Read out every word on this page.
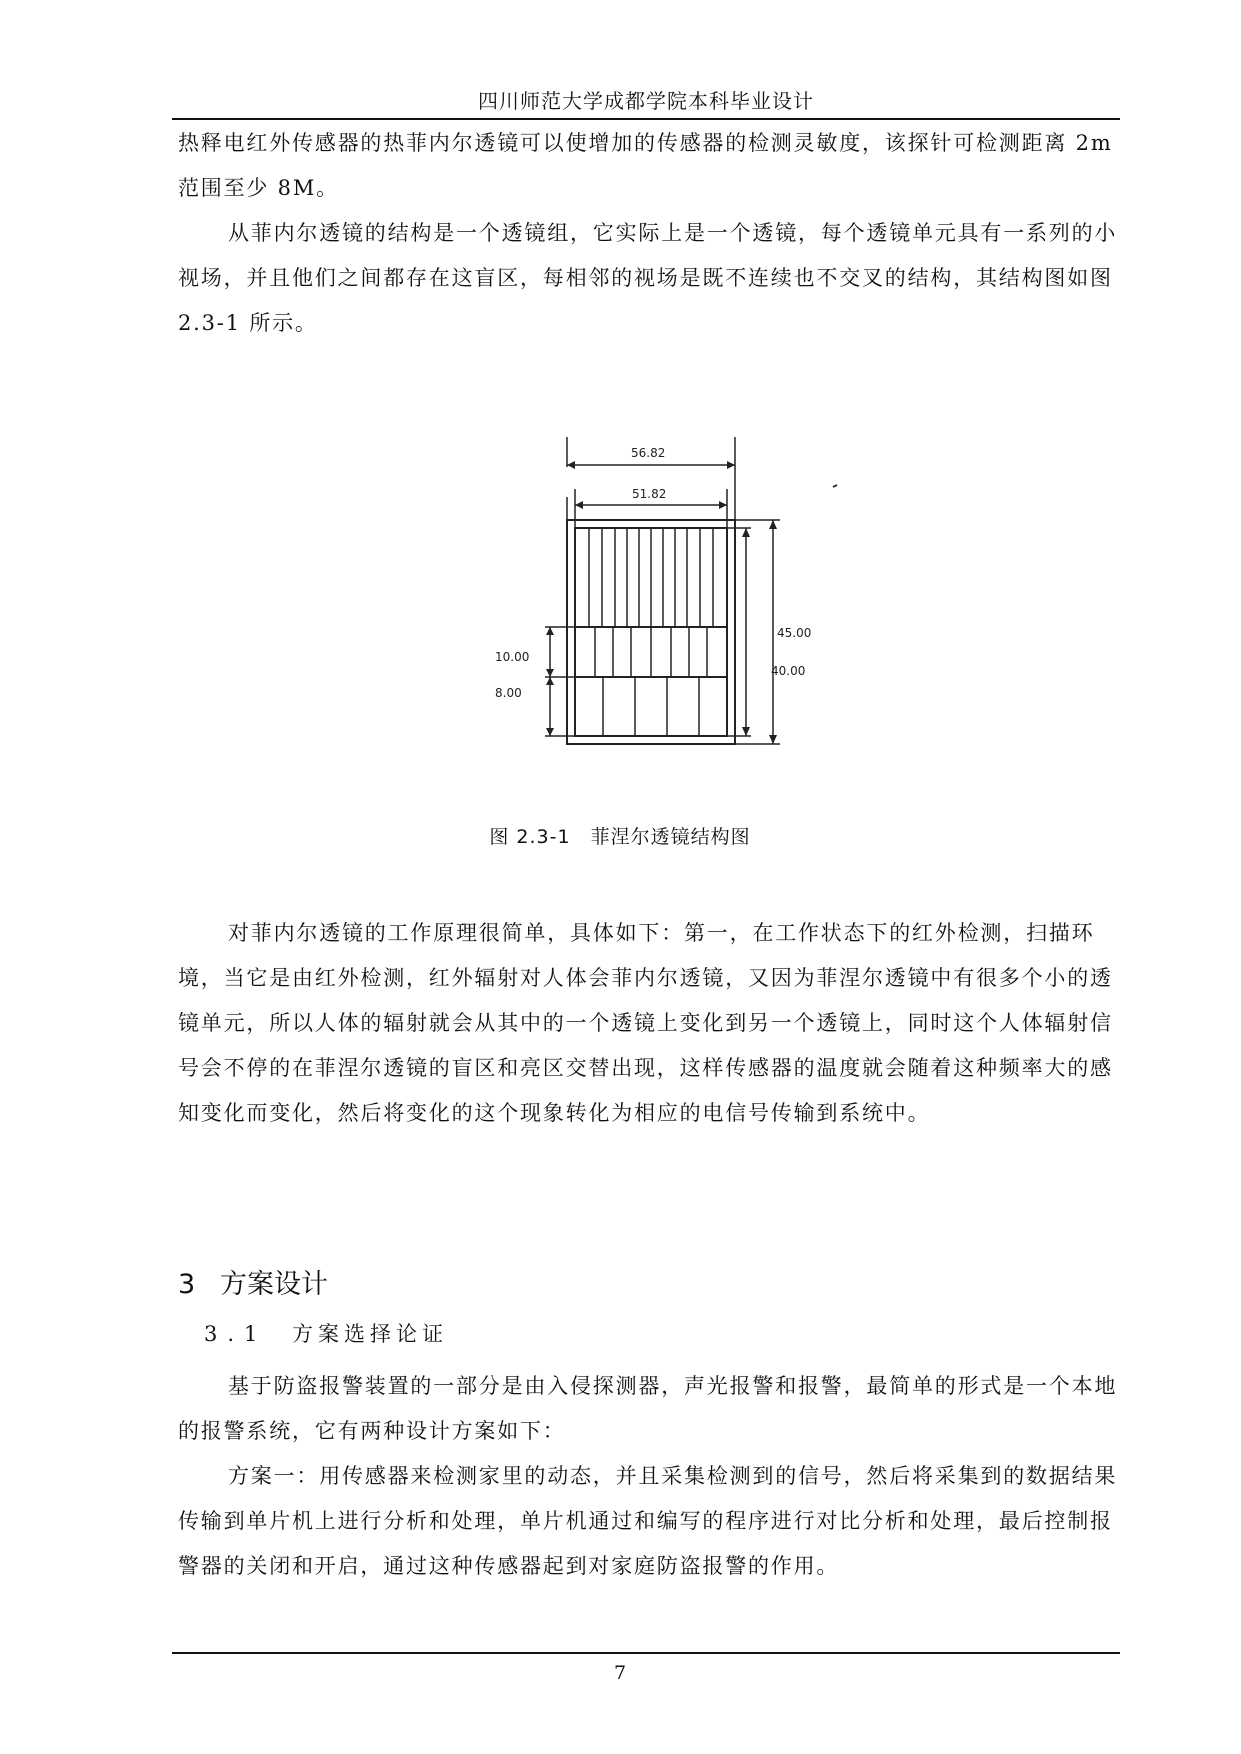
四川师范大学成都学院本科毕业设计

热释电红外传感器的热菲内尔透镜可以使增加的传感器的检测灵敏度，该探针可检测距离 2m 范围至少 8M。

从菲内尔透镜的结构是一个透镜组，它实际上是一个透镜，每个透镜单元具有一系列的小视场，并且他们之间都存在这盲区，每相邻的视场是既不连续也不交叉的结构，其结构图如图 2.3-1 所示。

56.82
51.82
45.00
40.00
10.00
8.00
图 2.3-1　菲涅尔透镜结构图

对菲内尔透镜的工作原理很简单，具体如下：第一，在工作状态下的红外检测，扫描环境，当它是由红外检测，红外辐射对人体会菲内尔透镜，又因为菲涅尔透镜中有很多个小的透镜单元，所以人体的辐射就会从其中的一个透镜上变化到另一个透镜上，同时这个人体辐射信号会不停的在菲涅尔透镜的盲区和亮区交替出现，这样传感器的温度就会随着这种频率大的感知变化而变化，然后将变化的这个现象转化为相应的电信号传输到系统中。

3 方案设计
3.1 方案选择论证

基于防盗报警装置的一部分是由入侵探测器，声光报警和报警，最简单的形式是一个本地的报警系统，它有两种设计方案如下：

方案一：用传感器来检测家里的动态，并且采集检测到的信号，然后将采集到的数据结果传输到单片机上进行分析和处理，单片机通过和编写的程序进行对比分析和处理，最后控制报警器的关闭和开启，通过这种传感器起到对家庭防盗报警的作用。

7
